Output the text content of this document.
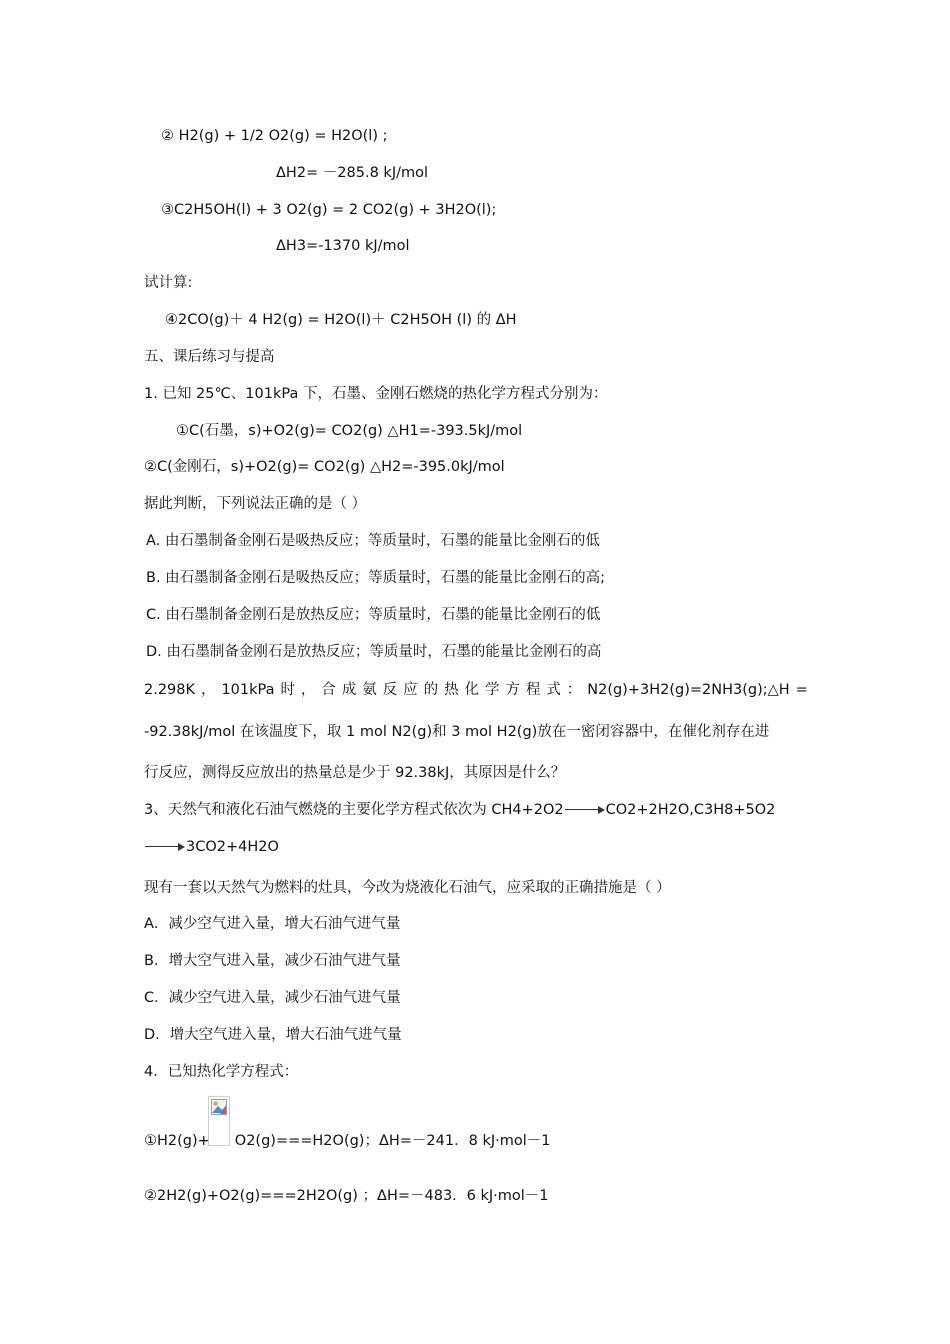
② H2(g) + 1/2 O2(g) = H2O(l) ;
ΔH2= －285.8 kJ/mol
③C2H5OH(l) + 3 O2(g) = 2 CO2(g) + 3H2O(l);
ΔH3=-1370 kJ/mol
试计算:
④2CO(g)＋ 4 H2(g) = H2O(l)＋ C2H5OH (l) 的 ΔH
五、课后练习与提高
1. 已知 25℃、101kPa 下，石墨、金刚石燃烧的热化学方程式分别为：
①C(石墨，s)+O2(g)= CO2(g) △H1=-393.5kJ/mol
②C(金刚石，s)+O2(g)= CO2(g) △H2=-395.0kJ/mol
据此判断，下列说法正确的是（ ）
A. 由石墨制备金刚石是吸热反应；等质量时，石墨的能量比金刚石的低
B. 由石墨制备金刚石是吸热反应；等质量时，石墨的能量比金刚石的高;
C. 由石墨制备金刚石是放热反应；等质量时，石墨的能量比金刚石的低
D. 由石墨制备金刚石是放热反应；等质量时，石墨的能量比金刚石的高
2.298K ， 101kPa 时 ， 合 成 氨 反 应 的 热 化 学 方 程 式 ： N2(g)+3H2(g)=2NH3(g);△H =
-92.38kJ/mol 在该温度下，取 1 mol N2(g)和 3 mol H2(g)放在一密闭容器中，在催化剂存在进
行反应，测得反应放出的热量总是少于 92.38kJ，其原因是什么？
3、天然气和液化石油气燃烧的主要化学方程式依次为 CH4+2O2	CO2+2H2O,C3H8+5O2
3CO2+4H2O
现有一套以天然气为燃料的灶具，今改为烧液化石油气，应采取的正确措施是（ ）
A．减少空气进入量，增大石油气进气量
B．增大空气进入量，减少石油气进气量
C．减少空气进入量，减少石油气进气量
D．增大空气进入量，增大石油气进气量
4．已知热化学方程式：
①H2(g)+ O2(g)===H2O(g)；ΔH=－241．8 kJ·mol－1
②2H2(g)+O2(g)===2H2O(g) ；ΔH=－483．6 kJ·mol－1
